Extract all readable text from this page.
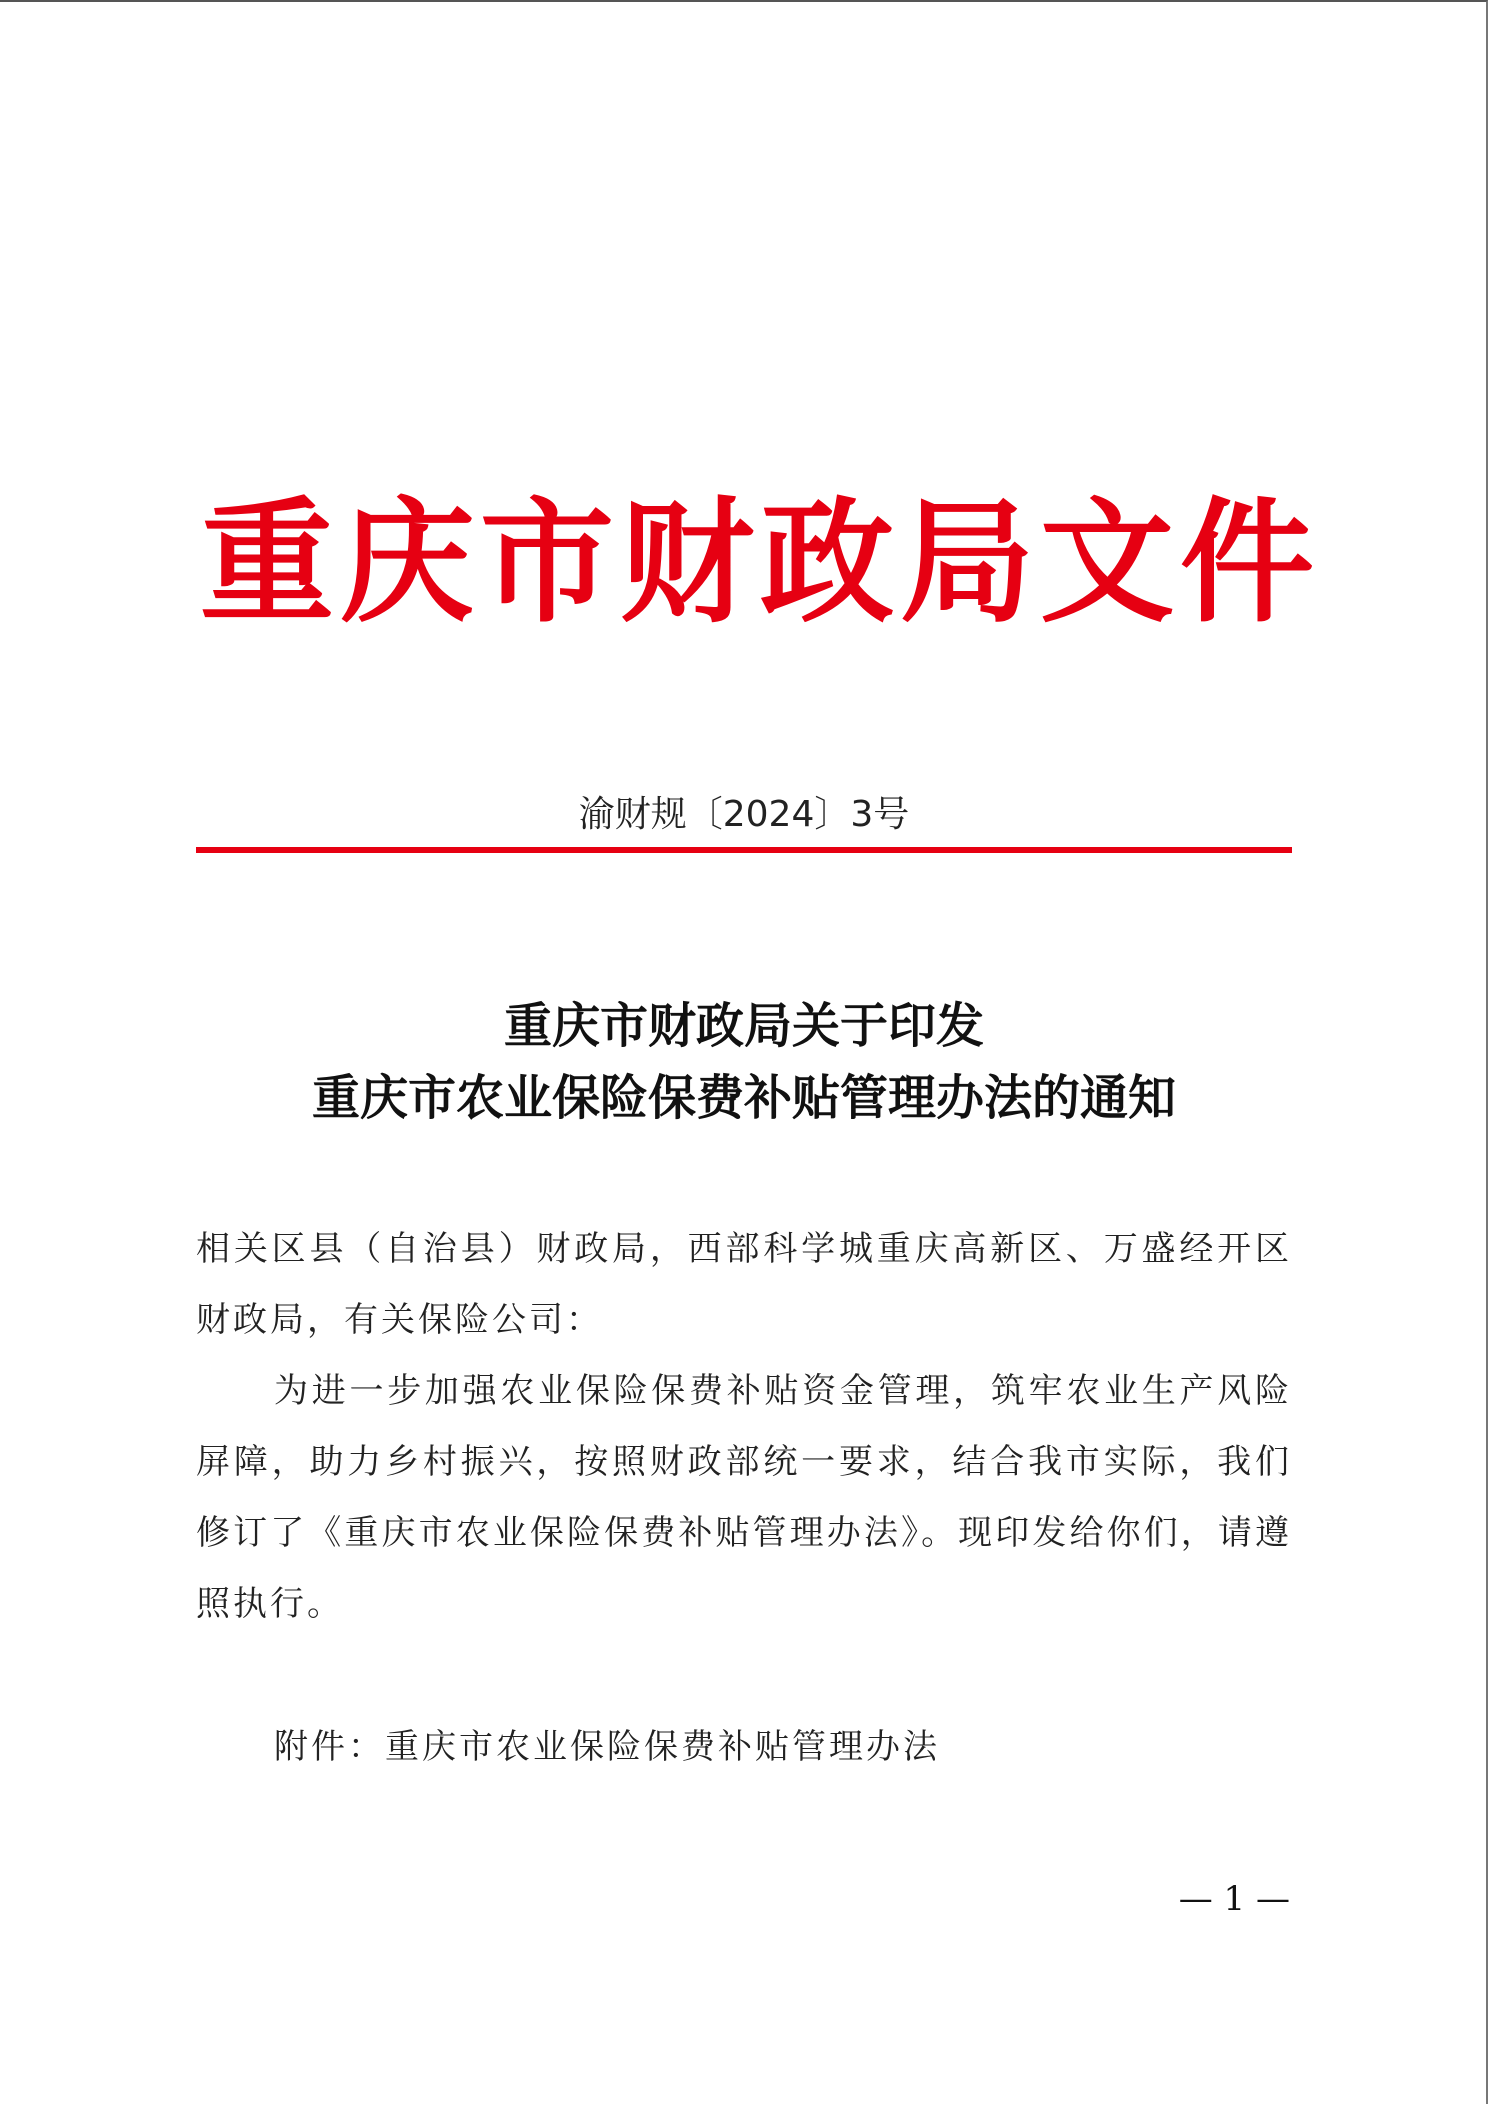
重庆市财政局文件
渝财规〔2024〕3号
重庆市财政局关于印发
重庆市农业保险保费补贴管理办法的通知

相关区县（自治县）财政局，西部科学城重庆高新区、万盛经开区财政局，有关保险公司：

为进一步加强农业保险保费补贴资金管理，筑牢农业生产风险屏障，助力乡村振兴，按照财政部统一要求，结合我市实际，我们修订了《重庆市农业保险保费补贴管理办法》。现印发给你们，请遵照执行。

附件：重庆市农业保险保费补贴管理办法
— 1 —
